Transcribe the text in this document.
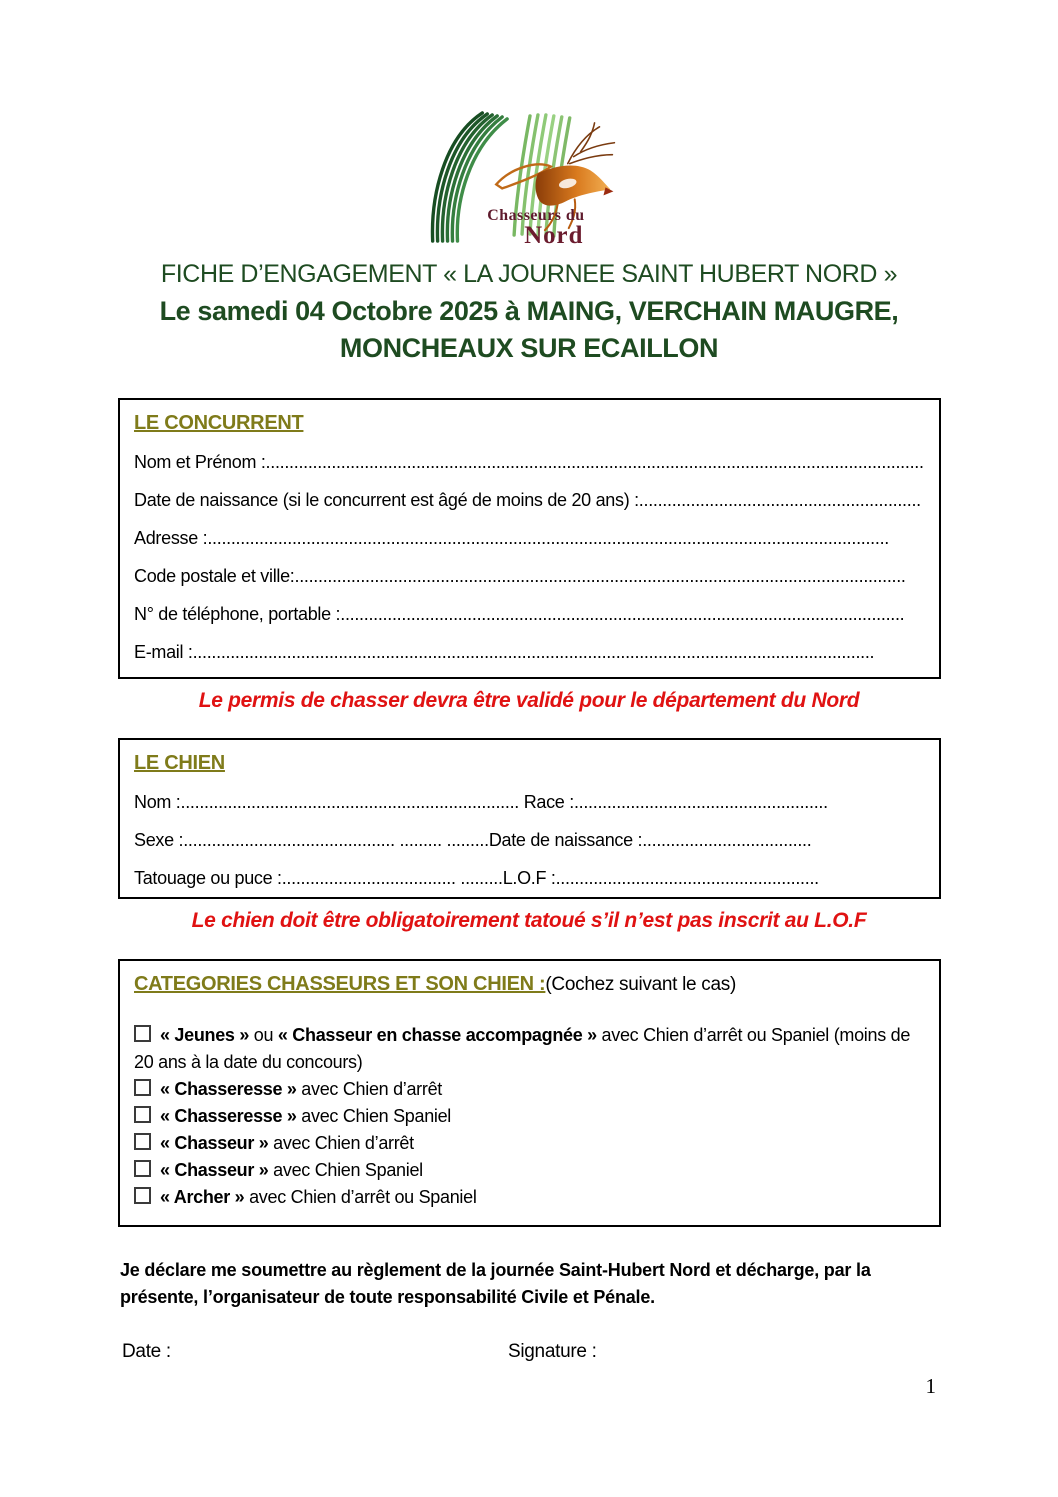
Chasseurs du
Nord
FICHE D’ENGAGEMENT « LA JOURNEE SAINT HUBERT NORD »
Le samedi 04 Octobre 2025 à MAING, VERCHAIN MAUGRE,
MONCHEAUX SUR ECAILLON
LE CONCURRENT
Nom et Prénom :............................................................................................................................................
Date de naissance (si le concurrent est âgé de moins de 20 ans) :............................................................
Adresse :.................................................................................................................................................
Code postale et ville:..................................................................................................................................
N° de téléphone, portable :........................................................................................................................
E-mail :.................................................................................................................................................
Le permis de chasser devra être validé pour le département du Nord
LE CHIEN
Nom :........................................................................ Race :......................................................
Sexe :............................................. ......... .........Date de naissance :....................................
Tatouage ou puce :..................................... .........L.O.F :........................................................
Le chien doit être obligatoirement tatoué s’il n’est pas inscrit au L.O.F
CATEGORIES CHASSEURS ET SON CHIEN :(Cochez suivant le cas)
« Jeunes » ou « Chasseur en chasse accompagnée » avec Chien d’arrêt ou Spaniel (moins de 20 ans à la date du concours)
« Chasseresse » avec Chien d’arrêt
« Chasseresse » avec Chien Spaniel
« Chasseur » avec Chien d’arrêt
« Chasseur » avec Chien Spaniel
« Archer » avec Chien d’arrêt ou Spaniel
Je déclare me soumettre au règlement de la journée Saint-Hubert Nord et décharge, par la présente, l’organisateur de toute responsabilité Civile et Pénale.
Date :	Signature :
1
